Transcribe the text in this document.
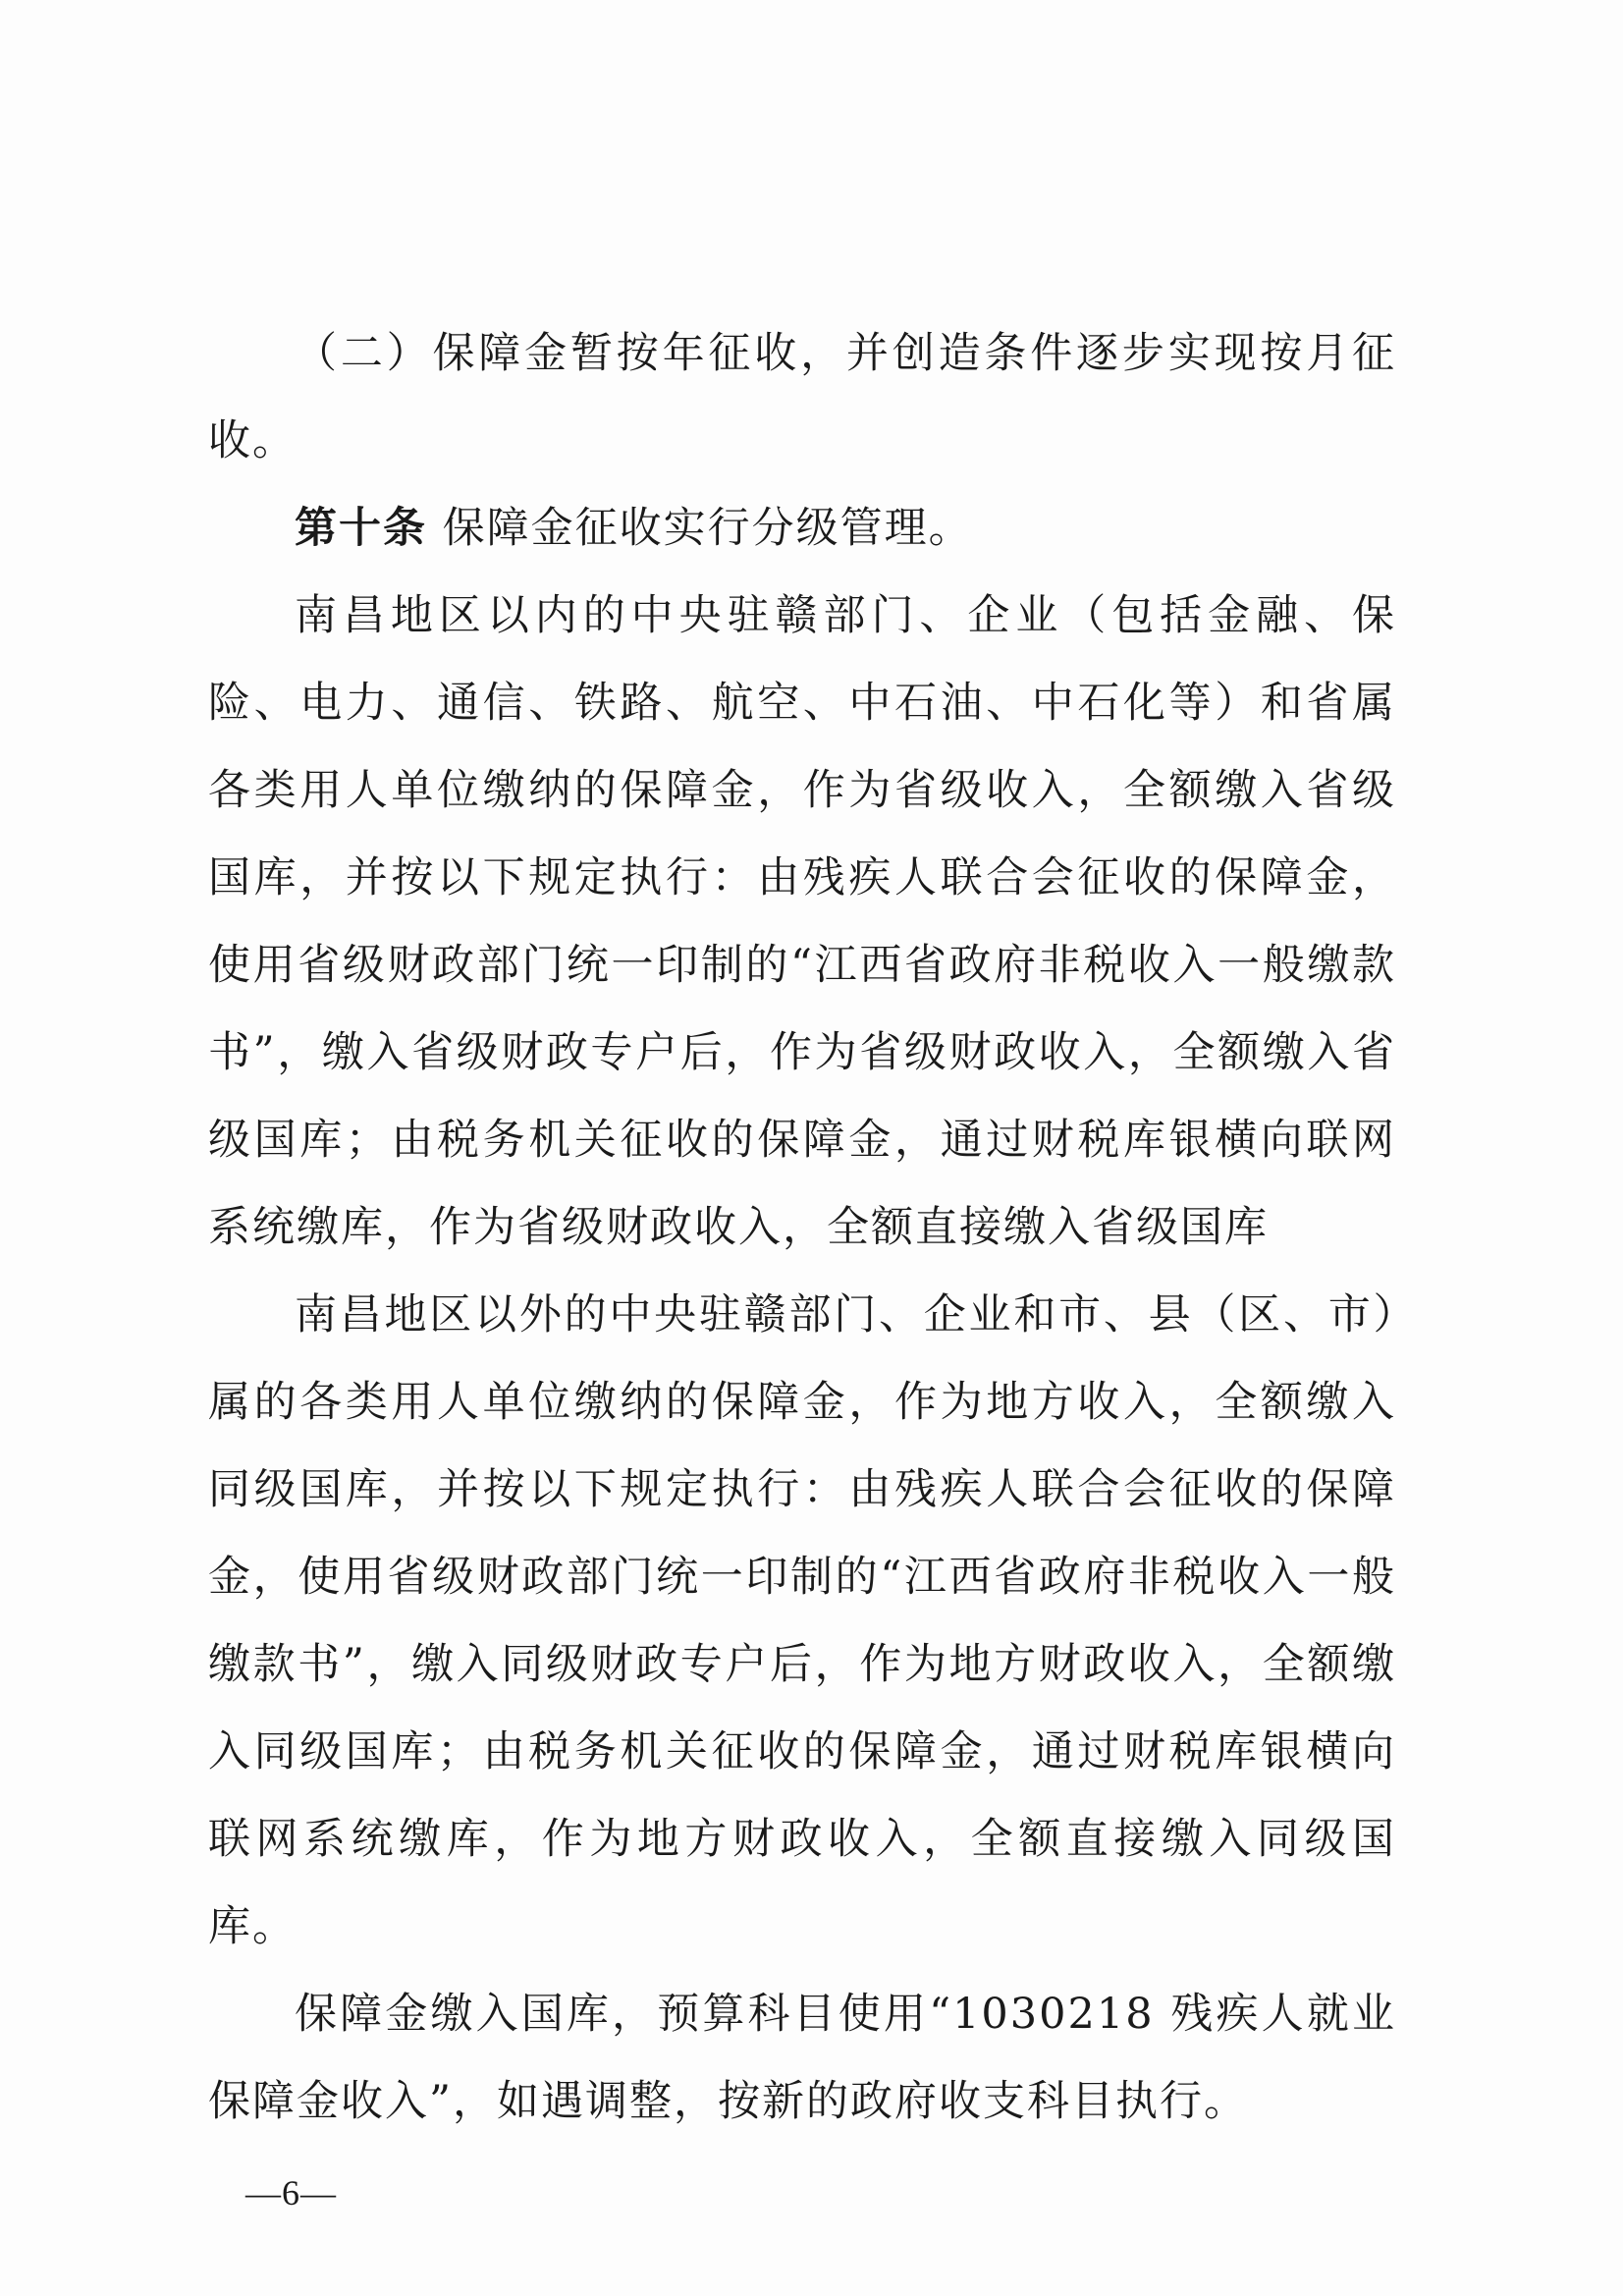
（二）保障金暂按年征收，并创造条件逐步实现按月征收。

第十条 保障金征收实行分级管理。

南昌地区以内的中央驻赣部门、企业（包括金融、保险、电力、通信、铁路、航空、中石油、中石化等）和省属各类用人单位缴纳的保障金，作为省级收入，全额缴入省级国库，并按以下规定执行：由残疾人联合会征收的保障金，使用省级财政部门统一印制的“江西省政府非税收入一般缴款书”，缴入省级财政专户后，作为省级财政收入，全额缴入省级国库；由税务机关征收的保障金，通过财税库银横向联网系统缴库，作为省级财政收入，全额直接缴入省级国库

南昌地区以外的中央驻赣部门、企业和市、县（区、市）属的各类用人单位缴纳的保障金，作为地方收入，全额缴入同级国库，并按以下规定执行：由残疾人联合会征收的保障金，使用省级财政部门统一印制的“江西省政府非税收入一般缴款书”，缴入同级财政专户后，作为地方财政收入，全额缴入同级国库；由税务机关征收的保障金，通过财税库银横向联网系统缴库，作为地方财政收入，全额直接缴入同级国库。

保障金缴入国库，预算科目使用“1030218 残疾人就业保障金收入”，如遇调整，按新的政府收支科目执行。

—6—
